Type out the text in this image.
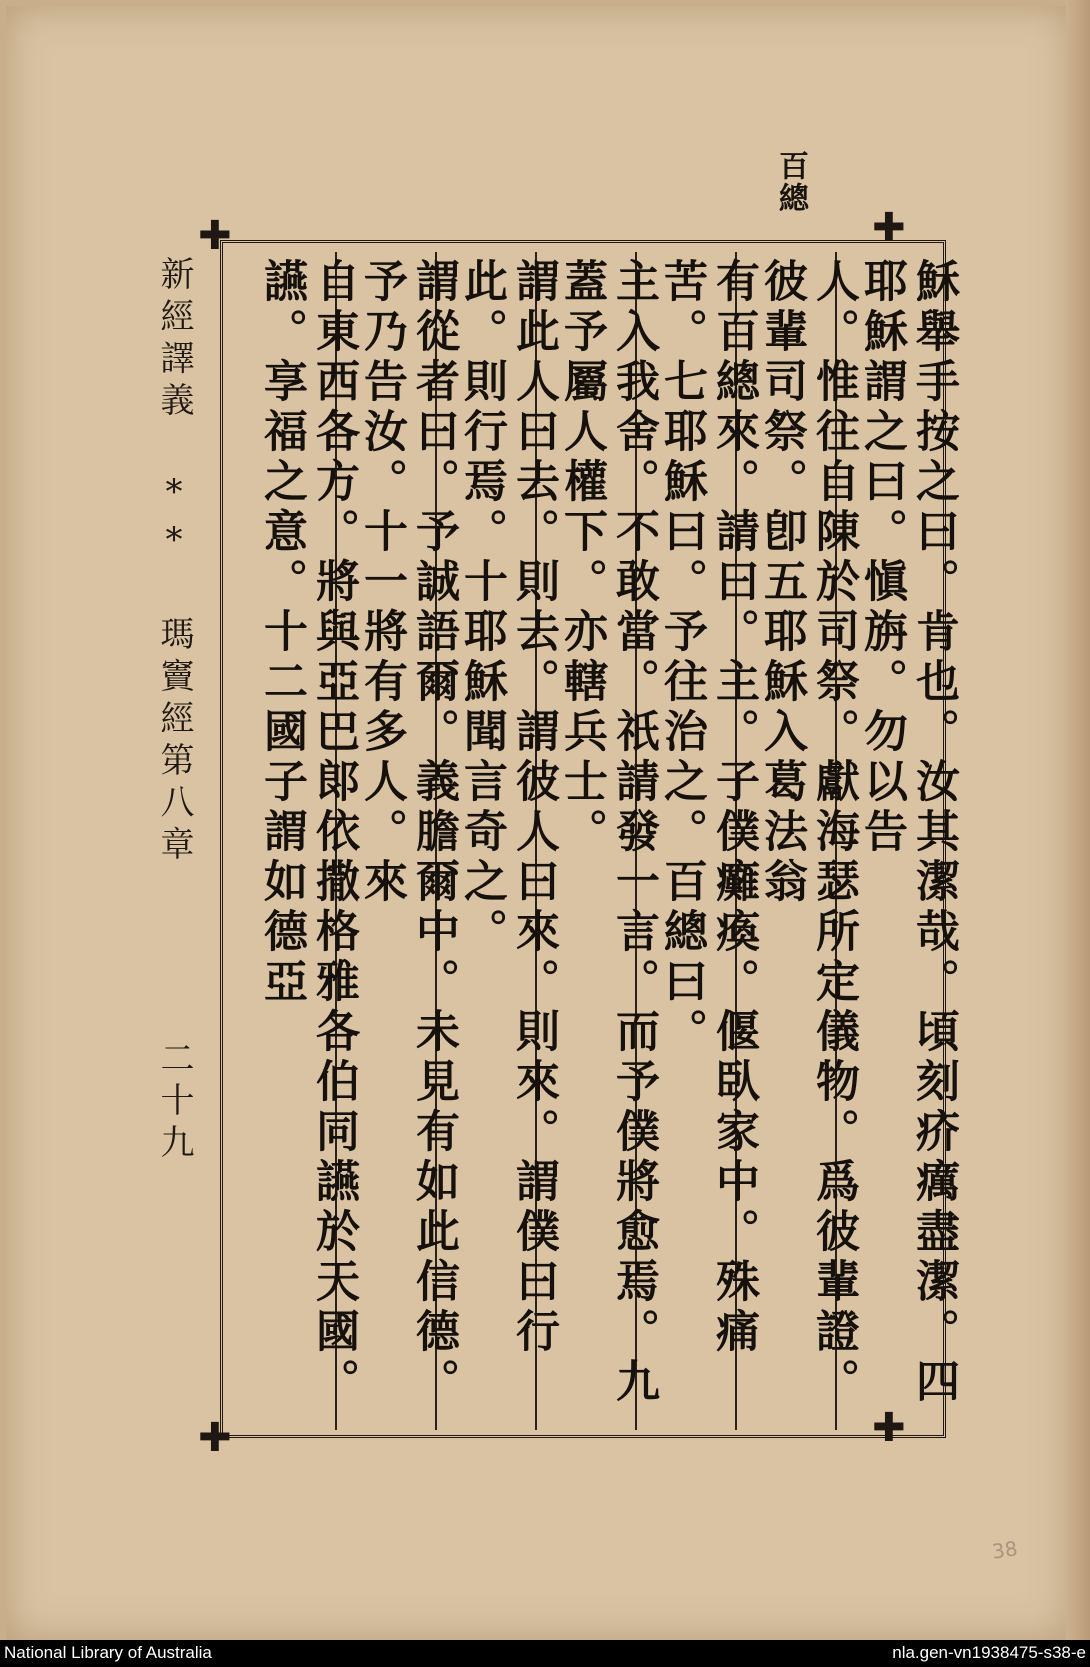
百總
✚	✚
✚	✚
穌舉手按之曰。肯也。汝其潔哉。頃刻疥癘盡潔。四耶穌謂之曰。愼旃。勿以告
人。惟往自陳於司祭。獻海瑟所定儀物。爲彼輩證。彼輩司祭。卽五耶穌入葛法翁
有百總來。請曰。主。子僕癱瘓。偃臥家中。殊痛苦。七耶穌曰。予往治之。百總曰。
主入我舍。不敢當。祇請發一言。而予僕將愈焉。九蓋予屬人權下。亦轄兵士。
謂此人曰去。則去。謂彼人曰來。則來。謂僕曰行此。則行焉。十耶穌聞言奇之。
謂從者曰。予誠語爾。義膽爾中。未見有如此信德。予乃告汝。十一將有多人。來
自東西各方。將與亞巴郞依撒格雅各伯同讌於天國。讌。享福之意。十二國子謂如德亞
新經譯義 ** 瑪竇經第八章
二十九
38
National Library of Australia	nla.gen-vn1938475-s38-e
